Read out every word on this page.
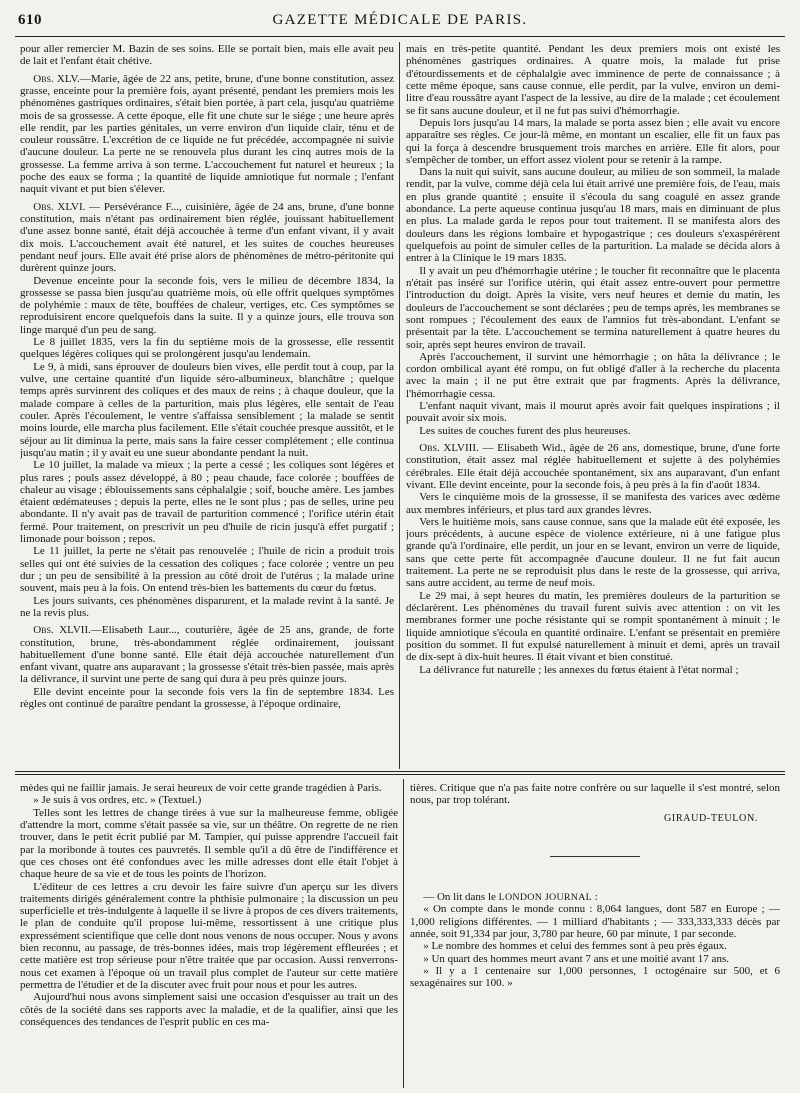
610	GAZETTE MÉDICALE DE PARIS.

pour aller remercier M. Bazin de ses soins. Elle se portait bien, mais elle avait peu de lait et l'enfant était chétive.

Obs. XLV.—Marie, âgée de 22 ans, petite, brune, d'une bonne constitution, assez grasse, enceinte pour la première fois, ayant présenté, pendant les premiers mois les phénomènes gastriques ordinaires, s'était bien portée, à part cela, jusqu'au quatrième mois de sa grossesse. A cette époque, elle fit une chute sur le siége ; une heure après elle rendit, par les parties génitales, un verre environ d'un liquide clair, ténu et de couleur roussâtre. L'excrétion de ce liquide ne fut précédée, accompagnée ni suivie d'aucune douleur. La perte ne se renouvela plus durant les cinq autres mois de la grossesse. La femme arriva à son terme. L'accouchement fut naturel et heureux ; la poche des eaux se forma ; la quantité de liquide amniotique fut normale ; l'enfant naquit vivant et put bien s'élever.

Obs. XLVI. — Persévérance F..., cuisinière, âgée de 24 ans, brune, d'une bonne constitution, mais n'étant pas ordinairement bien réglée, jouissant habituellement d'une assez bonne santé, était déjà accouchée à terme d'un enfant vivant, il y avait dix mois. L'accouchement avait été naturel, et les suites de couches heureuses pendant neuf jours. Elle avait été prise alors de phénomènes de métro-péritonite qui durèrent quinze jours.

Devenue enceinte pour la seconde fois, vers le milieu de décembre 1834, la grossesse se passa bien jusqu'au quatrième mois, où elle offrit quelques symptômes de polyhémie : maux de tête, bouffées de chaleur, vertiges, etc. Ces symptômes se reproduisirent encore quelquefois dans la suite. Il y a quinze jours, elle trouva son linge marqué d'un peu de sang.

Le 8 juillet 1835, vers la fin du septième mois de la grossesse, elle ressentit quelques légères coliques qui se prolongèrent jusqu'au lendemain.

Le 9, à midi, sans éprouver de douleurs bien vives, elle perdit tout à coup, par la vulve, une certaine quantité d'un liquide séro-albumineux, blanchâtre ; quelque temps après survinrent des coliques et des maux de reins ; à chaque douleur, que la malade compare à celles de la parturition, mais plus légères, elle sentait de l'eau couler. Après l'écoulement, le ventre s'affaissa sensiblement ; la malade se sentit moins lourde, elle marcha plus facilement. Elle s'était couchée presque aussitôt, et le séjour au lit diminua la perte, mais sans la faire cesser complétement ; elle continua jusqu'au matin ; il y avait eu une sueur abondante pendant la nuit.

Le 10 juillet, la malade va mieux ; la perte a cessé ; les coliques sont légères et plus rares ; pouls assez développé, à 80 ; peau chaude, face colorée ; bouffées de chaleur au visage ; éblouissements sans céphalalgie ; soif, bouche amère. Les jambes étaient œdémateuses ; depuis la perte, elles ne le sont plus ; pas de selles, urine peu abondante. Il n'y avait pas de travail de parturition commencé ; l'orifice utérin était fermé. Pour traitement, on prescrivit un peu d'huile de ricin jusqu'à effet purgatif ; limonade pour boisson ; repos.

Le 11 juillet, la perte ne s'était pas renouvelée ; l'huile de ricin a produit trois selles qui ont été suivies de la cessation des coliques ; face colorée ; ventre un peu dur ; un peu de sensibilité à la pression au côté droit de l'utérus ; la malade urine souvent, mais peu à la fois. On entend très-bien les battements du cœur du fœtus.

Les jours suivants, ces phénomènes disparurent, et la malade revint à la santé. Je ne la revis plus.

Obs. XLVII.—Elisabeth Laur..., couturière, âgée de 25 ans, grande, de forte constitution, brune, très-abondamment réglée ordinairement, jouissant habituellement d'une bonne santé. Elle était déjà accouchée naturellement d'un enfant vivant, quatre ans auparavant ; la grossesse s'était très-bien passée, mais après la délivrance, il survint une perte de sang qui dura à peu près quinze jours.

Elle devint enceinte pour la seconde fois vers la fin de septembre 1834. Les règles ont continué de paraître pendant la grossesse, à l'époque ordinaire,

mais en très-petite quantité. Pendant les deux premiers mois ont existé les phénomènes gastriques ordinaires. A quatre mois, la malade fut prise d'étourdissements et de céphalalgie avec imminence de perte de connaissance ; à cette même époque, sans cause connue, elle perdit, par la vulve, environ un demi-litre d'eau roussâtre ayant l'aspect de la lessive, au dire de la malade ; cet écoulement se fit sans aucune douleur, et il ne fut pas suivi d'hémorrhagie.

Depuis lors jusqu'au 14 mars, la malade se porta assez bien ; elle avait vu encore apparaître ses règles. Ce jour-là même, en montant un escalier, elle fit un faux pas qui la força à descendre brusquement trois marches en arrière. Elle fit alors, pour s'empêcher de tomber, un effort assez violent pour se retenir à la rampe.

Dans la nuit qui suivit, sans aucune douleur, au milieu de son sommeil, la malade rendit, par la vulve, comme déjà cela lui était arrivé une première fois, de l'eau, mais en plus grande quantité ; ensuite il s'écoula du sang coagulé en assez grande abondance. La perte aqueuse continua jusqu'au 18 mars, mais en diminuant de plus en plus. La malade garda le repos pour tout traitement. Il se manifesta alors des douleurs dans les régions lombaire et hypogastrique ; ces douleurs s'exaspérèrent quelquefois au point de simuler celles de la parturition. La malade se décida alors à entrer à la Clinique le 19 mars 1835.

Il y avait un peu d'hémorrhagie utérine ; le toucher fit reconnaître que le placenta n'était pas inséré sur l'orifice utérin, qui était assez entre-ouvert pour permettre l'introduction du doigt. Après la visite, vers neuf heures et demie du matin, les douleurs de l'accouchement se sont déclarées ; peu de temps après, les membranes se sont rompues ; l'écoulement des eaux de l'amnios fut très-abondant. L'enfant se présentait par la tête. L'accouchement se termina naturellement à quatre heures du soir, après sept heures environ de travail.

Après l'accouchement, il survint une hémorrhagie ; on hâta la délivrance ; le cordon ombilical ayant été rompu, on fut obligé d'aller à la recherche du placenta avec la main ; il ne put être extrait que par fragments. Après la délivrance, l'hémorrhagie cessa.

L'enfant naquit vivant, mais il mourut après avoir fait quelques inspirations ; il pouvait avoir six mois.

Les suites de couches furent des plus heureuses.

Obs. XLVIII. — Elisabeth Wid., âgée de 26 ans, domestique, brune, d'une forte constitution, était assez mal réglée habituellement et sujette à des polyhémies cérébrales. Elle était déjà accouchée spontanément, six ans auparavant, d'un enfant vivant. Elle devint enceinte, pour la seconde fois, à peu près à la fin d'août 1834.

Vers le cinquième mois de la grossesse, il se manifesta des varices avec œdème aux membres inférieurs, et plus tard aux grandes lèvres.

Vers le huitième mois, sans cause connue, sans que la malade eût été exposée, les jours précédents, à aucune espèce de violence extérieure, ni à une fatigue plus grande qu'à l'ordinaire, elle perdit, un jour en se levant, environ un verre de liquide, sans que cette perte fût accompagnée d'aucune douleur. Il ne fut fait aucun traitement. La perte ne se reproduisit plus dans le reste de la grossesse, qui arriva, sans autre accident, au terme de neuf mois.

Le 29 mai, à sept heures du matin, les premières douleurs de la parturition se déclarèrent. Les phénomènes du travail furent suivis avec attention : on vit les membranes former une poche résistante qui se rompit spontanément à minuit ; le liquide amniotique s'écoula en quantité ordinaire. L'enfant se présentait en première position du sommet. Il fut expulsé naturellement à minuit et demi, après un travail de dix-sept à dix-huit heures. Il était vivant et bien constitué.

La délivrance fut naturelle ; les annexes du fœtus étaient à l'état normal ;

mèdes qui ne faillir jamais. Je serai heureux de voir cette grande tragédien à Paris.

» Je suis à vos ordres, etc. » (Textuel.)

Telles sont les lettres de change tirées à vue sur la malheureuse femme, obligée d'attendre la mort, comme s'était passée sa vie, sur un théâtre. On regrette de ne rien trouver, dans le petit écrit publié par M. Tampier, qui puisse apprendre l'accueil fait par la moribonde à toutes ces pauvretés. Il semble qu'il a dû être de l'indifférence et que ces choses ont été confondues avec les mille adresses dont elle était l'objet à chaque heure de sa vie et de tous les points de l'horizon.

L'éditeur de ces lettres a cru devoir les faire suivre d'un aperçu sur les divers traitements dirigés généralement contre la phthisie pulmonaire ; la discussion un peu superficielle et très-indulgente à laquelle il se livre à propos de ces divers traitements, le plan de conduite qu'il propose lui-même, ressortissent à une critique plus expressément scientifique que celle dont nous venons de nous occuper. Nous y avons bien reconnu, au passage, de très-bonnes idées, mais trop légèrement effleurées ; et cette matière est trop sérieuse pour n'être traitée que par occasion. Aussi renverrons-nous cet examen à l'époque où un travail plus complet de l'auteur sur cette matière permettra de l'étudier et de la discuter avec fruit pour nous et pour les autres.

Aujourd'hui nous avons simplement saisi une occasion d'esquisser au trait un des côtés de la société dans ses rapports avec la maladie, et de la qualifier, ainsi que les conséquences des tendances de l'esprit public en ces ma-

tières. Critique que n'a pas faite notre confrère ou sur laquelle il s'est montré, selon nous, par trop tolérant.

GIRAUD-TEULON.

— On lit dans le LONDON JOURNAL :

« On compte dans le monde connu : 8,064 langues, dont 587 en Europe ; — 1,000 religions différentes. — 1 milliard d'habitants ; — 333,333,333 décès par année, soit 91,334 par jour, 3,780 par heure, 60 par minute, 1 par seconde.

» Le nombre des hommes et celui des femmes sont à peu près égaux.

» Un quart des hommes meurt avant 7 ans et une moitié avant 17 ans.

» Il y a 1 centenaire sur 1,000 personnes, 1 octogénaire sur 500, et 6 sexagénaires sur 100. »
